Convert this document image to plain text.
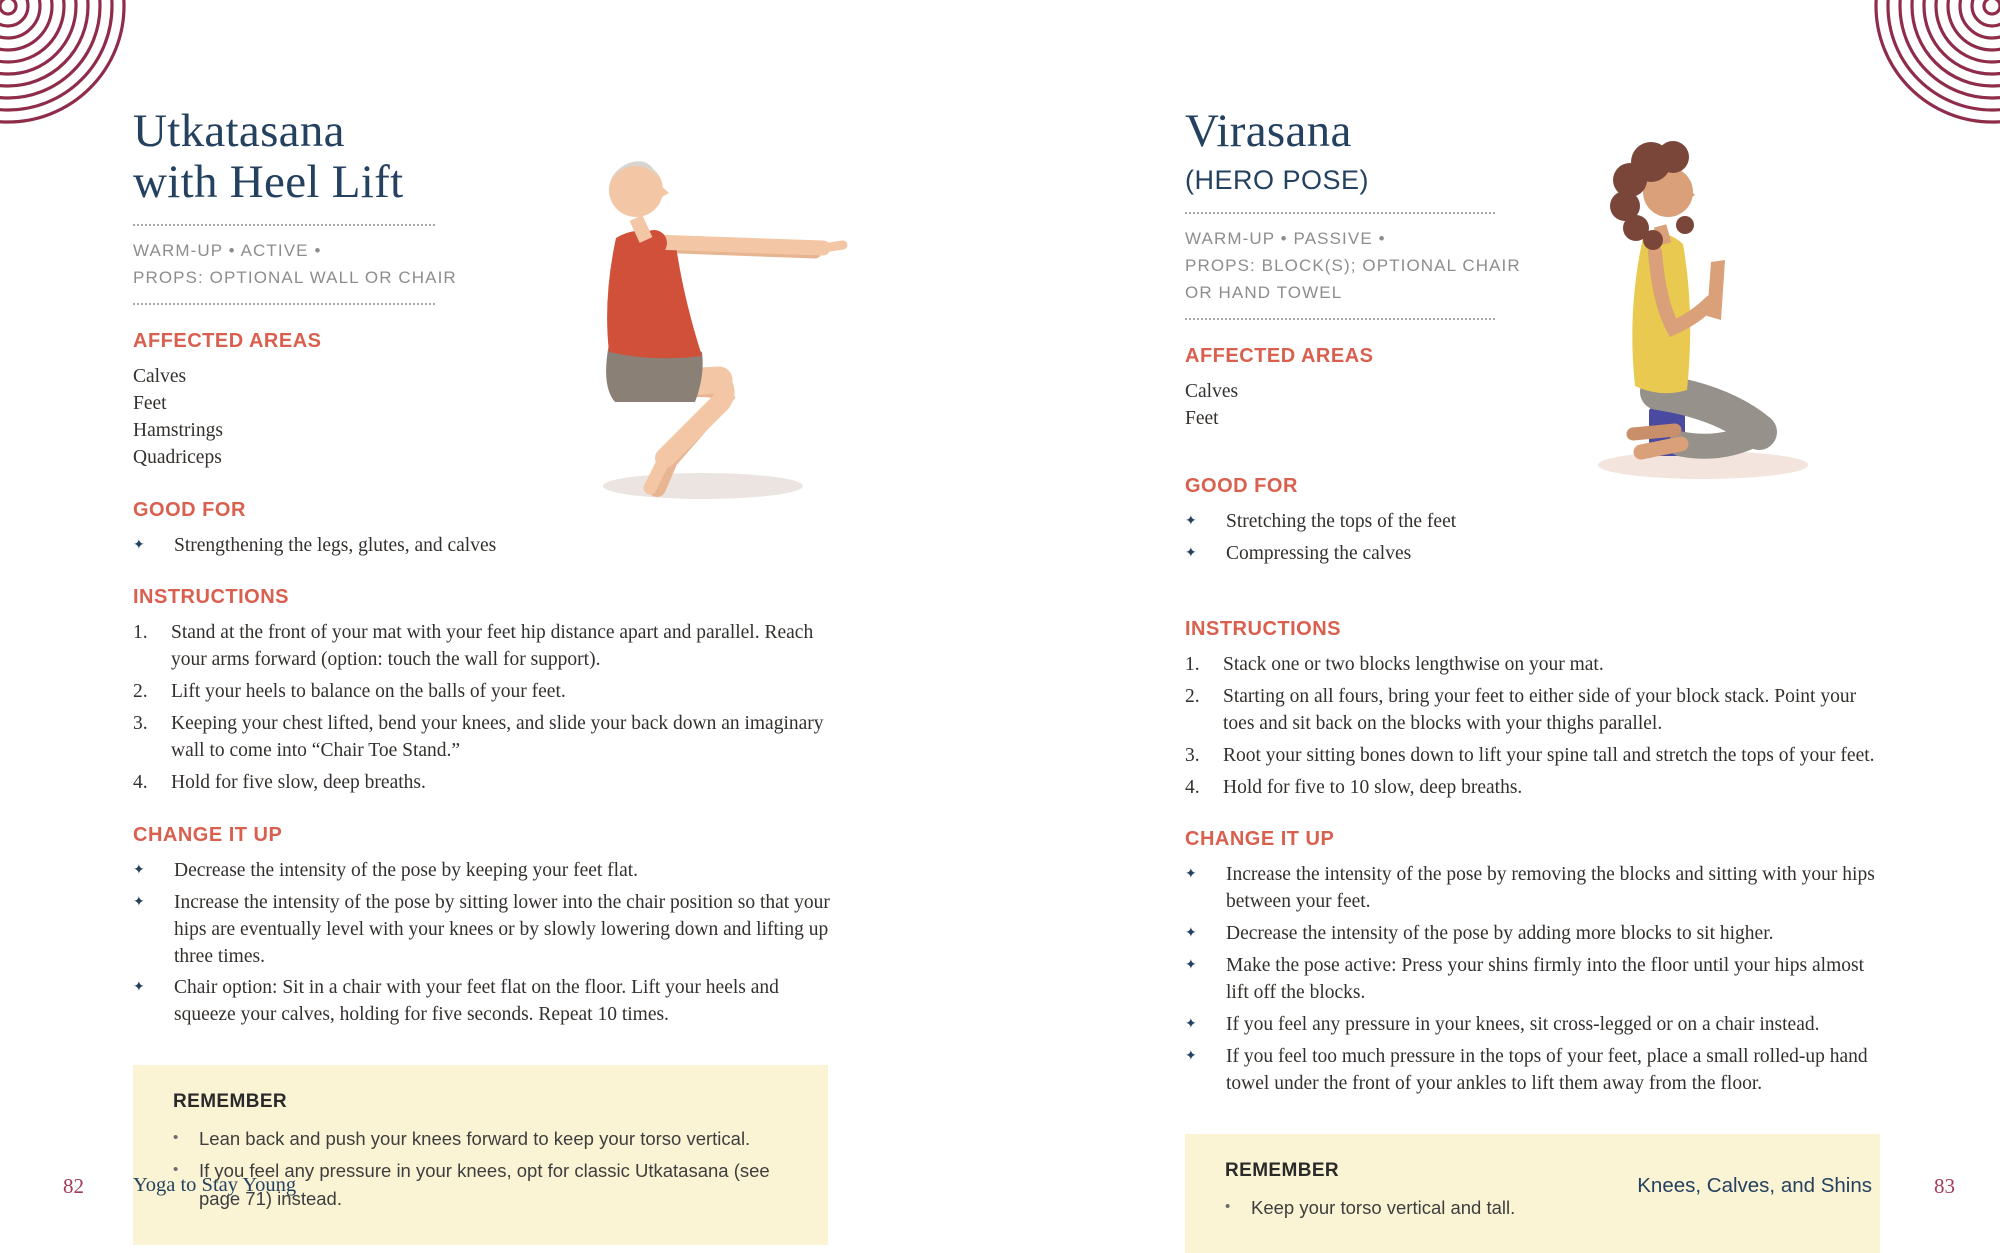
Utkatasana
with Heel Lift
WARM-UP • ACTIVE •
PROPS: OPTIONAL WALL OR CHAIR
AFFECTED AREAS
Calves
Feet
Hamstrings
Quadriceps
GOOD FOR
✦	Strengthening the legs, glutes, and calves
INSTRUCTIONS
1.	Stand at the front of your mat with your feet hip distance apart and parallel. Reach your arms forward (option: touch the wall for support).
2.	Lift your heels to balance on the balls of your feet.
3.	Keeping your chest lifted, bend your knees, and slide your back down an imaginary wall to come into “Chair Toe Stand.”
4.	Hold for five slow, deep breaths.
CHANGE IT UP
✦	Decrease the intensity of the pose by keeping your feet flat.
✦	Increase the intensity of the pose by sitting lower into the chair position so that your hips are eventually level with your knees or by slowly lowering down and lifting up three times.
✦	Chair option: Sit in a chair with your feet flat on the floor. Lift your heels and squeeze your calves, holding for five seconds. Repeat 10 times.
REMEMBER
•	Lean back and push your knees forward to keep your torso vertical.
•	If you feel any pressure in your knees, opt for classic Utkatasana (see page 71) instead.
Virasana
(HERO POSE)
WARM-UP • PASSIVE •
PROPS: BLOCK(S); OPTIONAL CHAIR
OR HAND TOWEL
AFFECTED AREAS
Calves
Feet
GOOD FOR
✦	Stretching the tops of the feet
✦	Compressing the calves
INSTRUCTIONS
1.	Stack one or two blocks lengthwise on your mat.
2.	Starting on all fours, bring your feet to either side of your block stack. Point your toes and sit back on the blocks with your thighs parallel.
3.	Root your sitting bones down to lift your spine tall and stretch the tops of your feet.
4.	Hold for five to 10 slow, deep breaths.
CHANGE IT UP
✦	Increase the intensity of the pose by removing the blocks and sitting with your hips between your feet.
✦	Decrease the intensity of the pose by adding more blocks to sit higher.
✦	Make the pose active: Press your shins firmly into the floor until your hips almost lift off the blocks.
✦	If you feel any pressure in your knees, sit cross-legged or on a chair instead.
✦	If you feel too much pressure in the tops of your feet, place a small rolled-up hand towel under the front of your ankles to lift them away from the floor.
REMEMBER
•	Keep your torso vertical and tall.
82 Yoga to Stay Young	Knees, Calves, and Shins	83
